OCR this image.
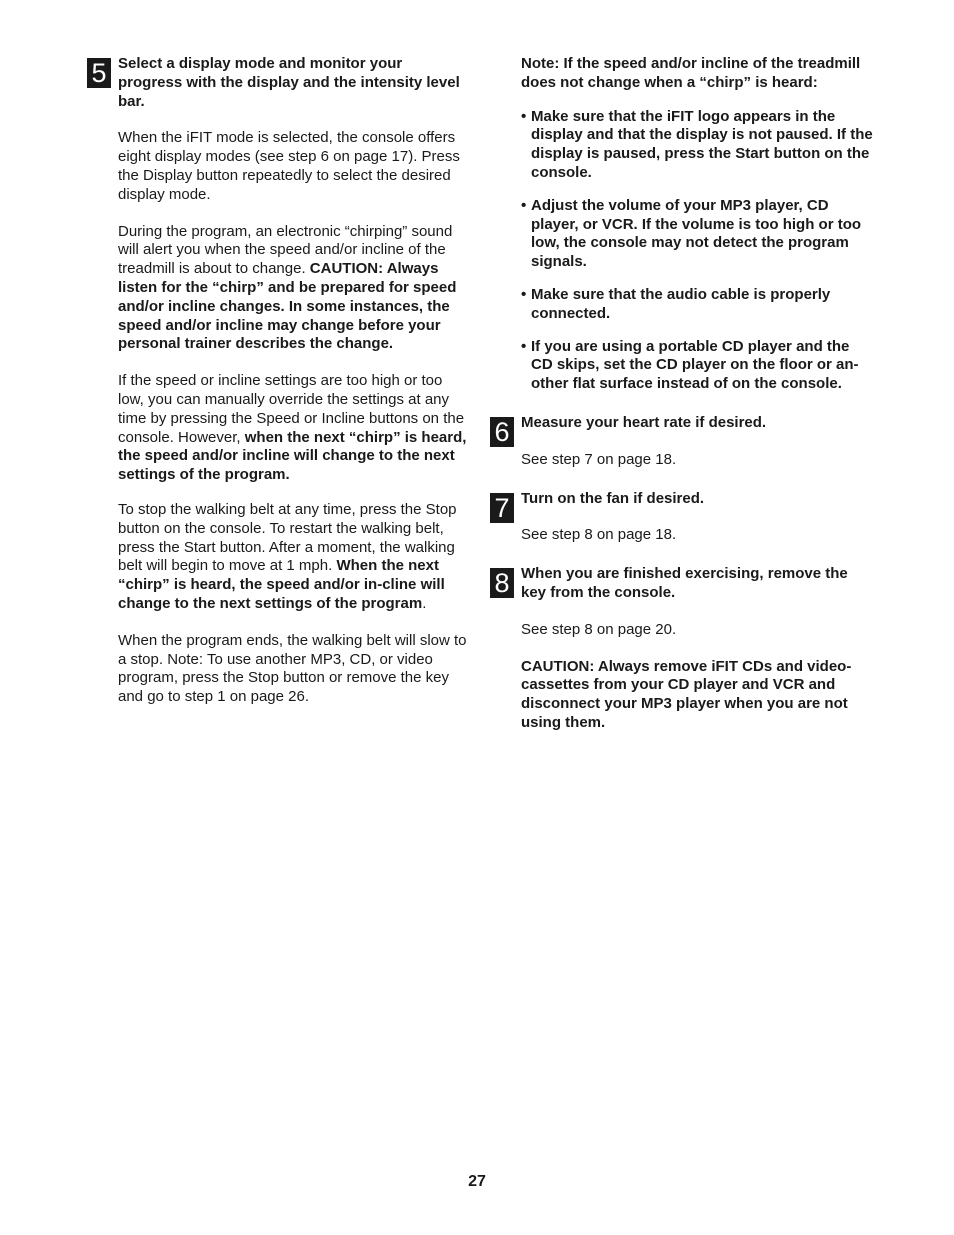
5 Select a display mode and monitor your progress with the display and the intensity level bar.

When the iFIT mode is selected, the console offers eight display modes (see step 6 on page 17). Press the Display button repeatedly to select the desired display mode.

During the program, an electronic “chirping” sound will alert you when the speed and/or incline of the treadmill is about to change. CAUTION: Always listen for the “chirp” and be prepared for speed and/or incline changes. In some instances, the speed and/or incline may change before your personal trainer describes the change.

If the speed or incline settings are too high or too low, you can manually override the settings at any time by pressing the Speed or Incline buttons on the console. However, when the next “chirp” is heard, the speed and/or incline will change to the next settings of the program.

To stop the walking belt at any time, press the Stop button on the console. To restart the walking belt, press the Start button. After a moment, the walking belt will begin to move at 1 mph. When the next “chirp” is heard, the speed and/or in-cline will change to the next settings of the program.

When the program ends, the walking belt will slow to a stop. Note: To use another MP3, CD, or video program, press the Stop button or remove the key and go to step 1 on page 26.

Note: If the speed and/or incline of the treadmill does not change when a “chirp” is heard:

• Make sure that the iFIT logo appears in the display and that the display is not paused. If the display is paused, press the Start button on the console.
• Adjust the volume of your MP3 player, CD player, or VCR. If the volume is too high or too low, the console may not detect the program signals.
• Make sure that the audio cable is properly connected.
• If you are using a portable CD player and the CD skips, set the CD player on the floor or an-other flat surface instead of on the console.
6 Measure your heart rate if desired.

See step 7 on page 18.

7 Turn on the fan if desired.

See step 8 on page 18.

8 When you are finished exercising, remove the key from the console.

See step 8 on page 20.

CAUTION: Always remove iFIT CDs and video-cassettes from your CD player and VCR and disconnect your MP3 player when you are not using them.

27
